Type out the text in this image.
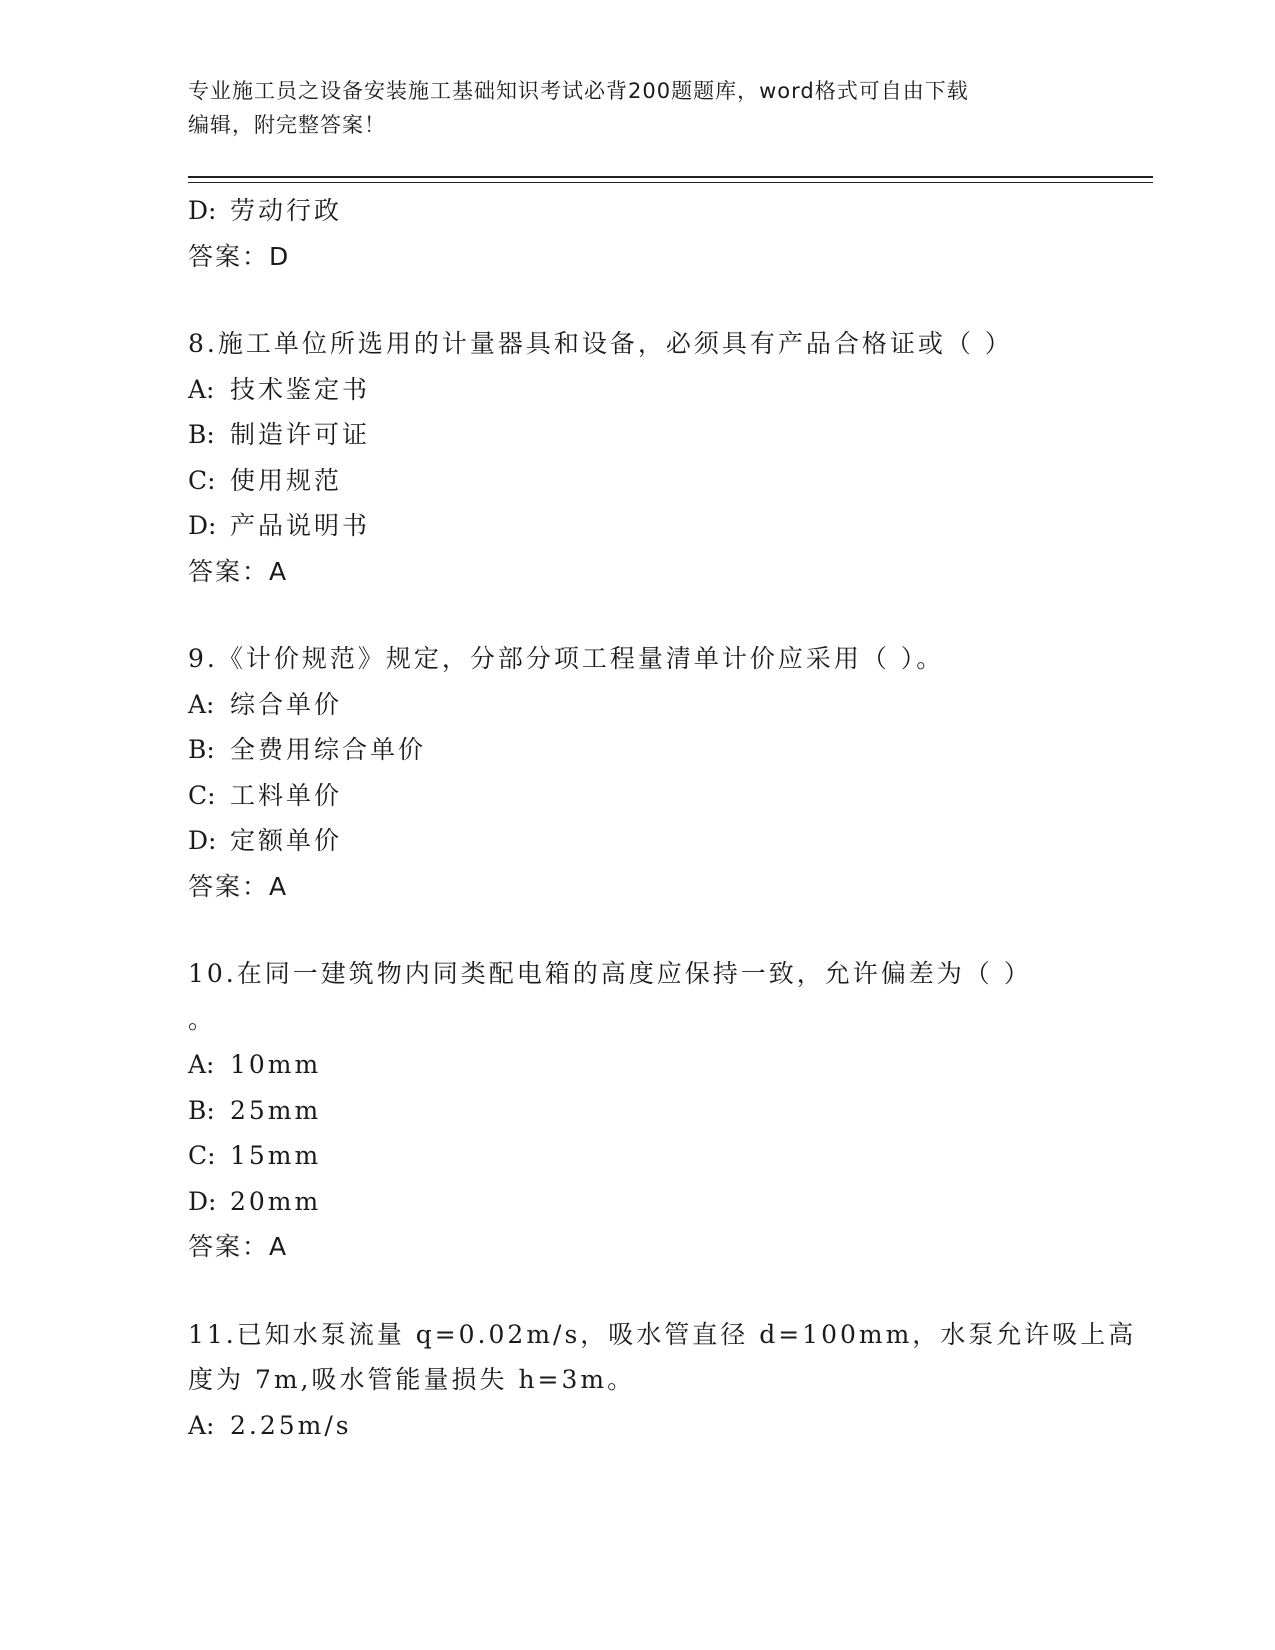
专业施工员之设备安装施工基础知识考试必背200题题库，word格式可自由下载
编辑，附完整答案！
D: 劳动行政
答案：D
8.施工单位所选用的计量器具和设备，必须具有产品合格证或（ ）
A: 技术鉴定书
B: 制造许可证
C: 使用规范
D: 产品说明书
答案：A
9.《计价规范》规定，分部分项工程量清单计价应采用（ ）。
A: 综合单价
B: 全费用综合单价
C: 工料单价
D: 定额单价
答案：A
10.在同一建筑物内同类配电箱的高度应保持一致，允许偏差为（ ）
。
A: 10mm
B: 25mm
C: 15mm
D: 20mm
答案：A
11.已知水泵流量 q=0.02m/s，吸水管直径 d=100mm，水泵允许吸上高
度为 7m,吸水管能量损失 h=3m。
A: 2.25m/s
